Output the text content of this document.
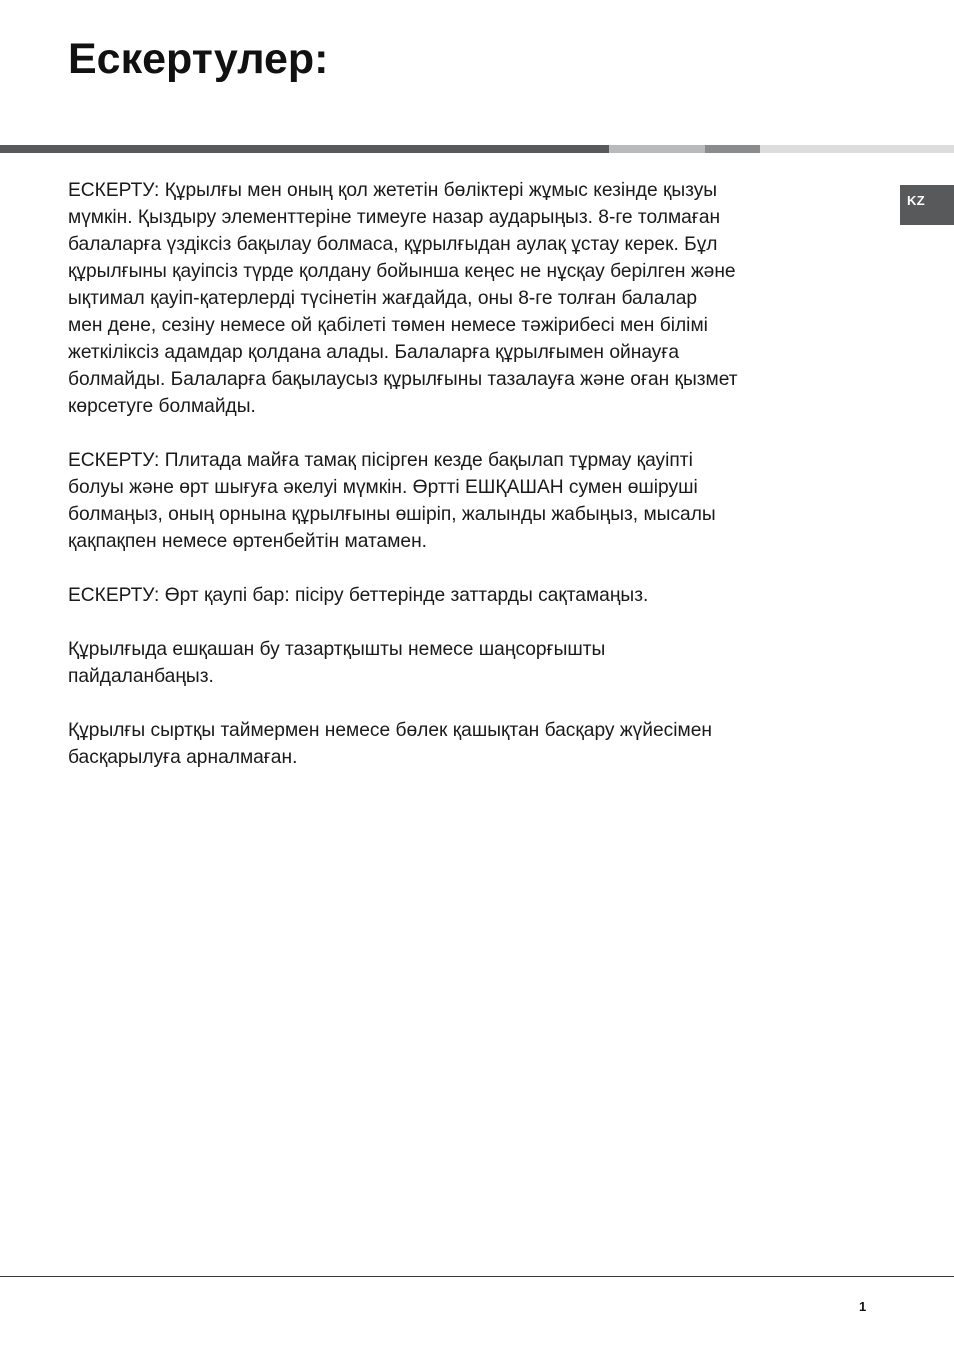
Ескертулер:
KZ

ЕСКЕРТУ: Құрылғы мен оның қол жететін бөліктері жұмыс кезінде қызуы
мүмкін. Қыздыру элементтеріне тимеуге назар аударыңыз. 8-ге толмаған
балаларға үздіксіз бақылау болмаса, құрылғыдан аулақ ұстау керек. Бұл
құрылғыны қауіпсіз түрде қолдану бойынша кеңес не нұсқау берілген және
ықтимал қауіп-қатерлерді түсінетін жағдайда, оны 8-ге толған балалар
мен дене, сезіну немесе ой қабілеті төмен немесе тәжірибесі мен білімі
жеткіліксіз адамдар қолдана алады. Балаларға құрылғымен ойнауға
болмайды. Балаларға бақылаусыз құрылғыны тазалауға және оған қызмет
көрсетуге болмайды.

ЕСКЕРТУ: Плитада майға тамақ пісірген кезде бақылап тұрмау қауіпті
болуы және өрт шығуға әкелуі мүмкін. Өртті ЕШҚАШАН сумен өшіруші
болмаңыз, оның орнына құрылғыны өшіріп, жалынды жабыңыз, мысалы
қақпақпен немесе өртенбейтін матамен.

ЕСКЕРТУ: Өрт қаупі бар: пісіру беттерінде заттарды сақтамаңыз.

Құрылғыда ешқашан бу тазартқышты немесе шаңсорғышты
пайдаланбаңыз.

Құрылғы сыртқы таймермен немесе бөлек қашықтан басқару жүйесімен
басқарылуға арналмаған.

1
